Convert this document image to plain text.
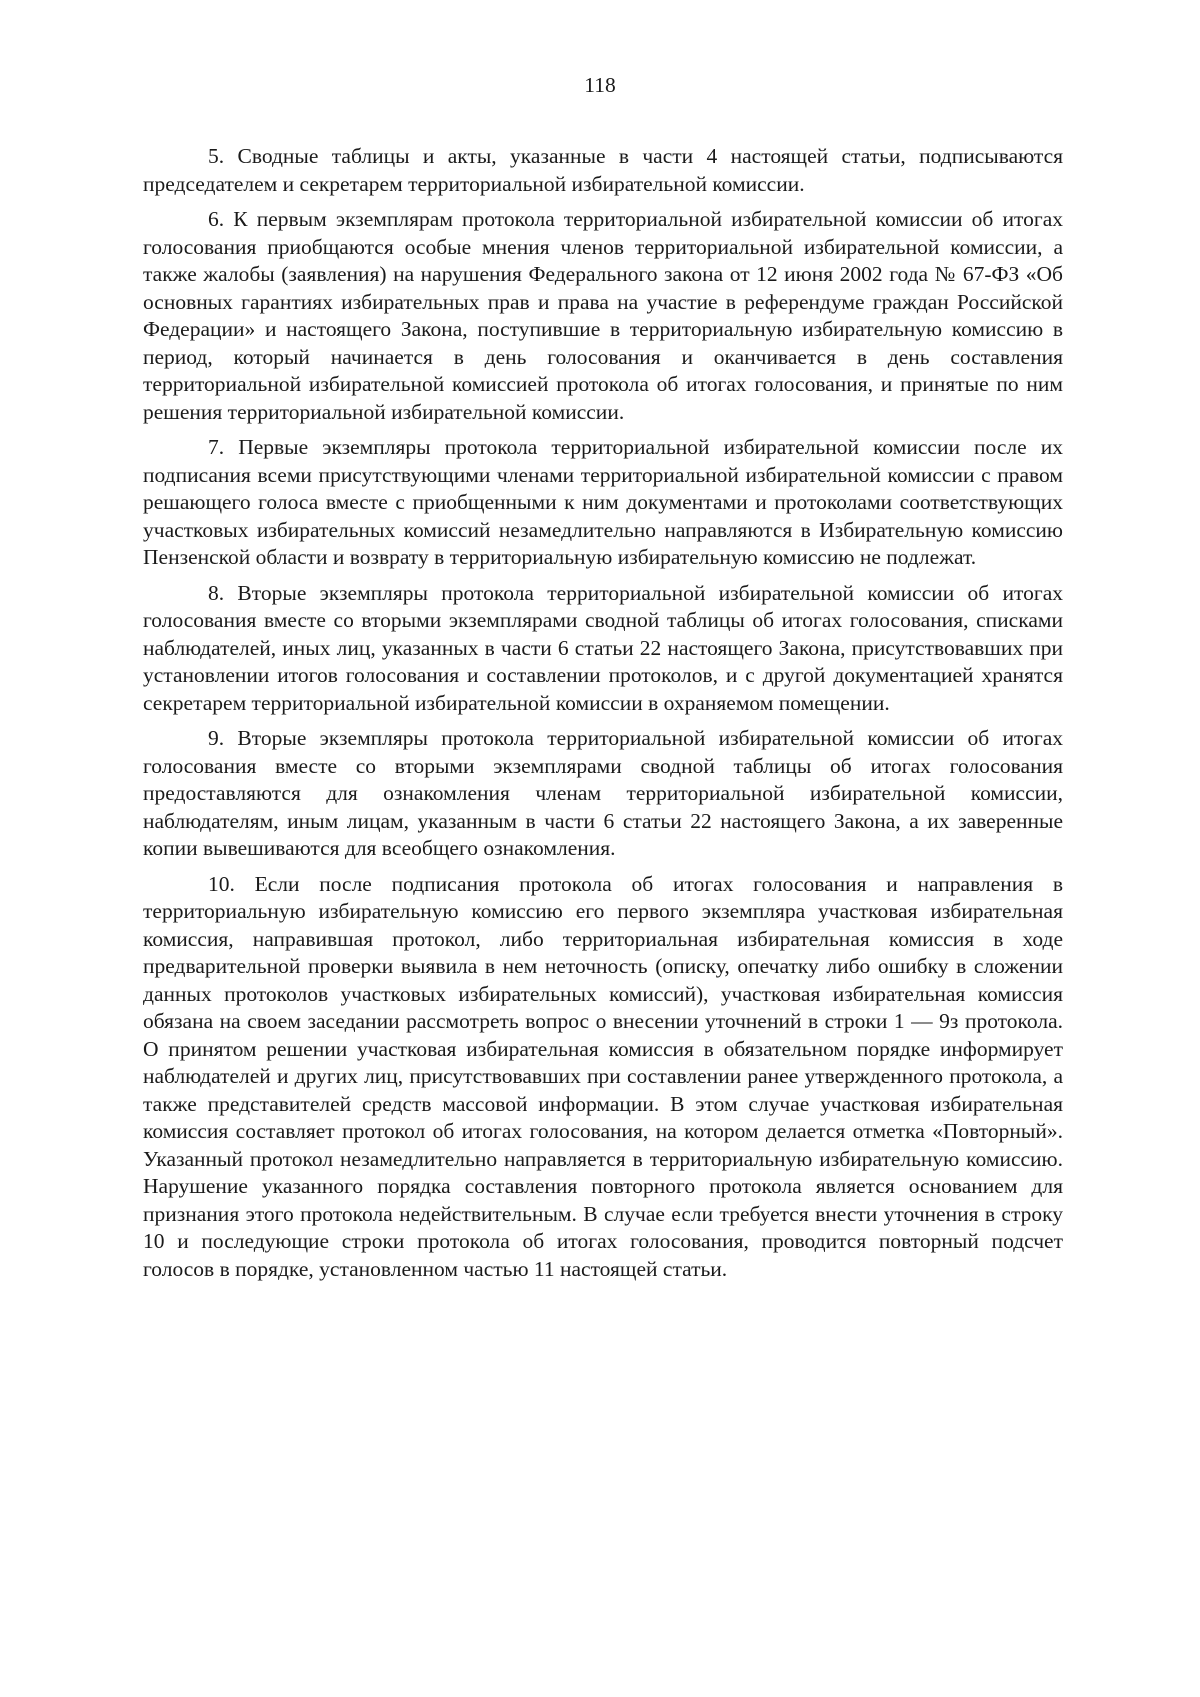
118

5. Сводные таблицы и акты, указанные в части 4 настоящей статьи, подписываются председателем и секретарем территориальной избирательной комиссии.

6. К первым экземплярам протокола территориальной избирательной комиссии об итогах голосования приобщаются особые мнения членов территориальной избирательной комиссии, а также жалобы (заявления) на нарушения Федерального закона от 12 июня 2002 года № 67-ФЗ «Об основных гарантиях избирательных прав и права на участие в референдуме граждан Российской Федерации» и настоящего Закона, поступившие в территориальную избирательную комиссию в период, который начинается в день голосования и оканчивается в день составления территориальной избирательной комиссией протокола об итогах голосования, и принятые по ним решения территориальной избирательной комиссии.

7. Первые экземпляры протокола территориальной избирательной комиссии после их подписания всеми присутствующими членами территориальной избирательной комиссии с правом решающего голоса вместе с приобщенными к ним документами и протоколами соответствующих участковых избирательных комиссий незамедлительно направляются в Избирательную комиссию Пензенской области и возврату в территориальную избирательную комиссию не подлежат.

8. Вторые экземпляры протокола территориальной избирательной комиссии об итогах голосования вместе со вторыми экземплярами сводной таблицы об итогах голосования, списками наблюдателей, иных лиц, указанных в части 6 статьи 22 настоящего Закона, присутствовавших при установлении итогов голосования и составлении протоколов, и с другой документацией хранятся секретарем территориальной избирательной комиссии в охраняемом помещении.

9. Вторые экземпляры протокола территориальной избирательной комиссии об итогах голосования вместе со вторыми экземплярами сводной таблицы об итогах голосования предоставляются для ознакомления членам территориальной избирательной комиссии, наблюдателям, иным лицам, указанным в части 6 статьи 22 настоящего Закона, а их заверенные копии вывешиваются для всеобщего ознакомления.

10. Если после подписания протокола об итогах голосования и направления в территориальную избирательную комиссию его первого экземпляра участковая избирательная комиссия, направившая протокол, либо территориальная избирательная комиссия в ходе предварительной проверки выявила в нем неточность (описку, опечатку либо ошибку в сложении данных протоколов участковых избирательных комиссий), участковая избирательная комиссия обязана на своем заседании рассмотреть вопрос о внесении уточнений в строки 1 — 9з протокола. О принятом решении участковая избирательная комиссия в обязательном порядке информирует наблюдателей и других лиц, присутствовавших при составлении ранее утвержденного протокола, а также представителей средств массовой информации. В этом случае участковая избирательная комиссия составляет протокол об итогах голосования, на котором делается отметка «Повторный». Указанный протокол незамедлительно направляется в территориальную избирательную комиссию. Нарушение указанного порядка составления повторного протокола является основанием для признания этого протокола недействительным. В случае если требуется внести уточнения в строку 10 и последующие строки протокола об итогах голосования, проводится повторный подсчет голосов в порядке, установленном частью 11 настоящей статьи.
